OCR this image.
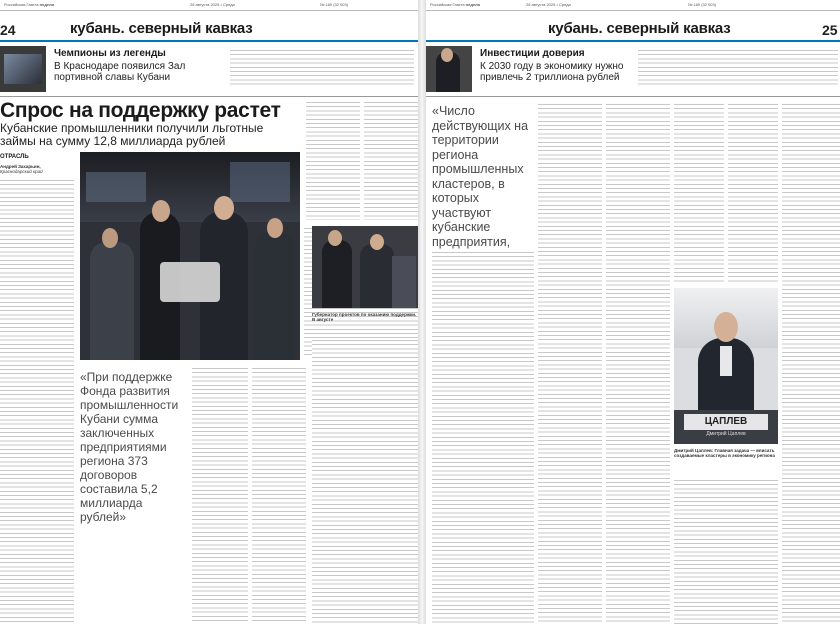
Российская Газета неделя	28 августа 2025 • Среда	№ 189 (32 003)
24	кубань. северный кавказ
Чемпионы из легенды
В Краснодаре появился Зал портивной славы Кубани
Спрос на поддержку растет
Кубанские промышленники получили льготные займы на сумму 12,8 миллиарда рублей
ОТРАСЛЬ
Андрей Захарьин,
Краснодарский край
«При поддержке Фонда развития промышленности Кубани сумма заключенных предприятиями региона 373 договоров составила 5,2 миллиарда рублей»
Губернатор проектов по оказанию поддержки. В августе
Российская Газета неделя	28 августа 2025 • Среда	№ 189 (32 003)
кубань. северный кавказ	25
Инвестиции доверия
К 2030 году в экономику нужно привлечь 2 триллиона рублей
«Число действующих на территории региона промышленных кластеров, в которых участвуют кубанские предприятия,
ЦАПЛЕВ
Дмитрий Цаплев
Дмитрий Цаплев: Главная задача — вписать создаваемые кластеры в экономику региона
